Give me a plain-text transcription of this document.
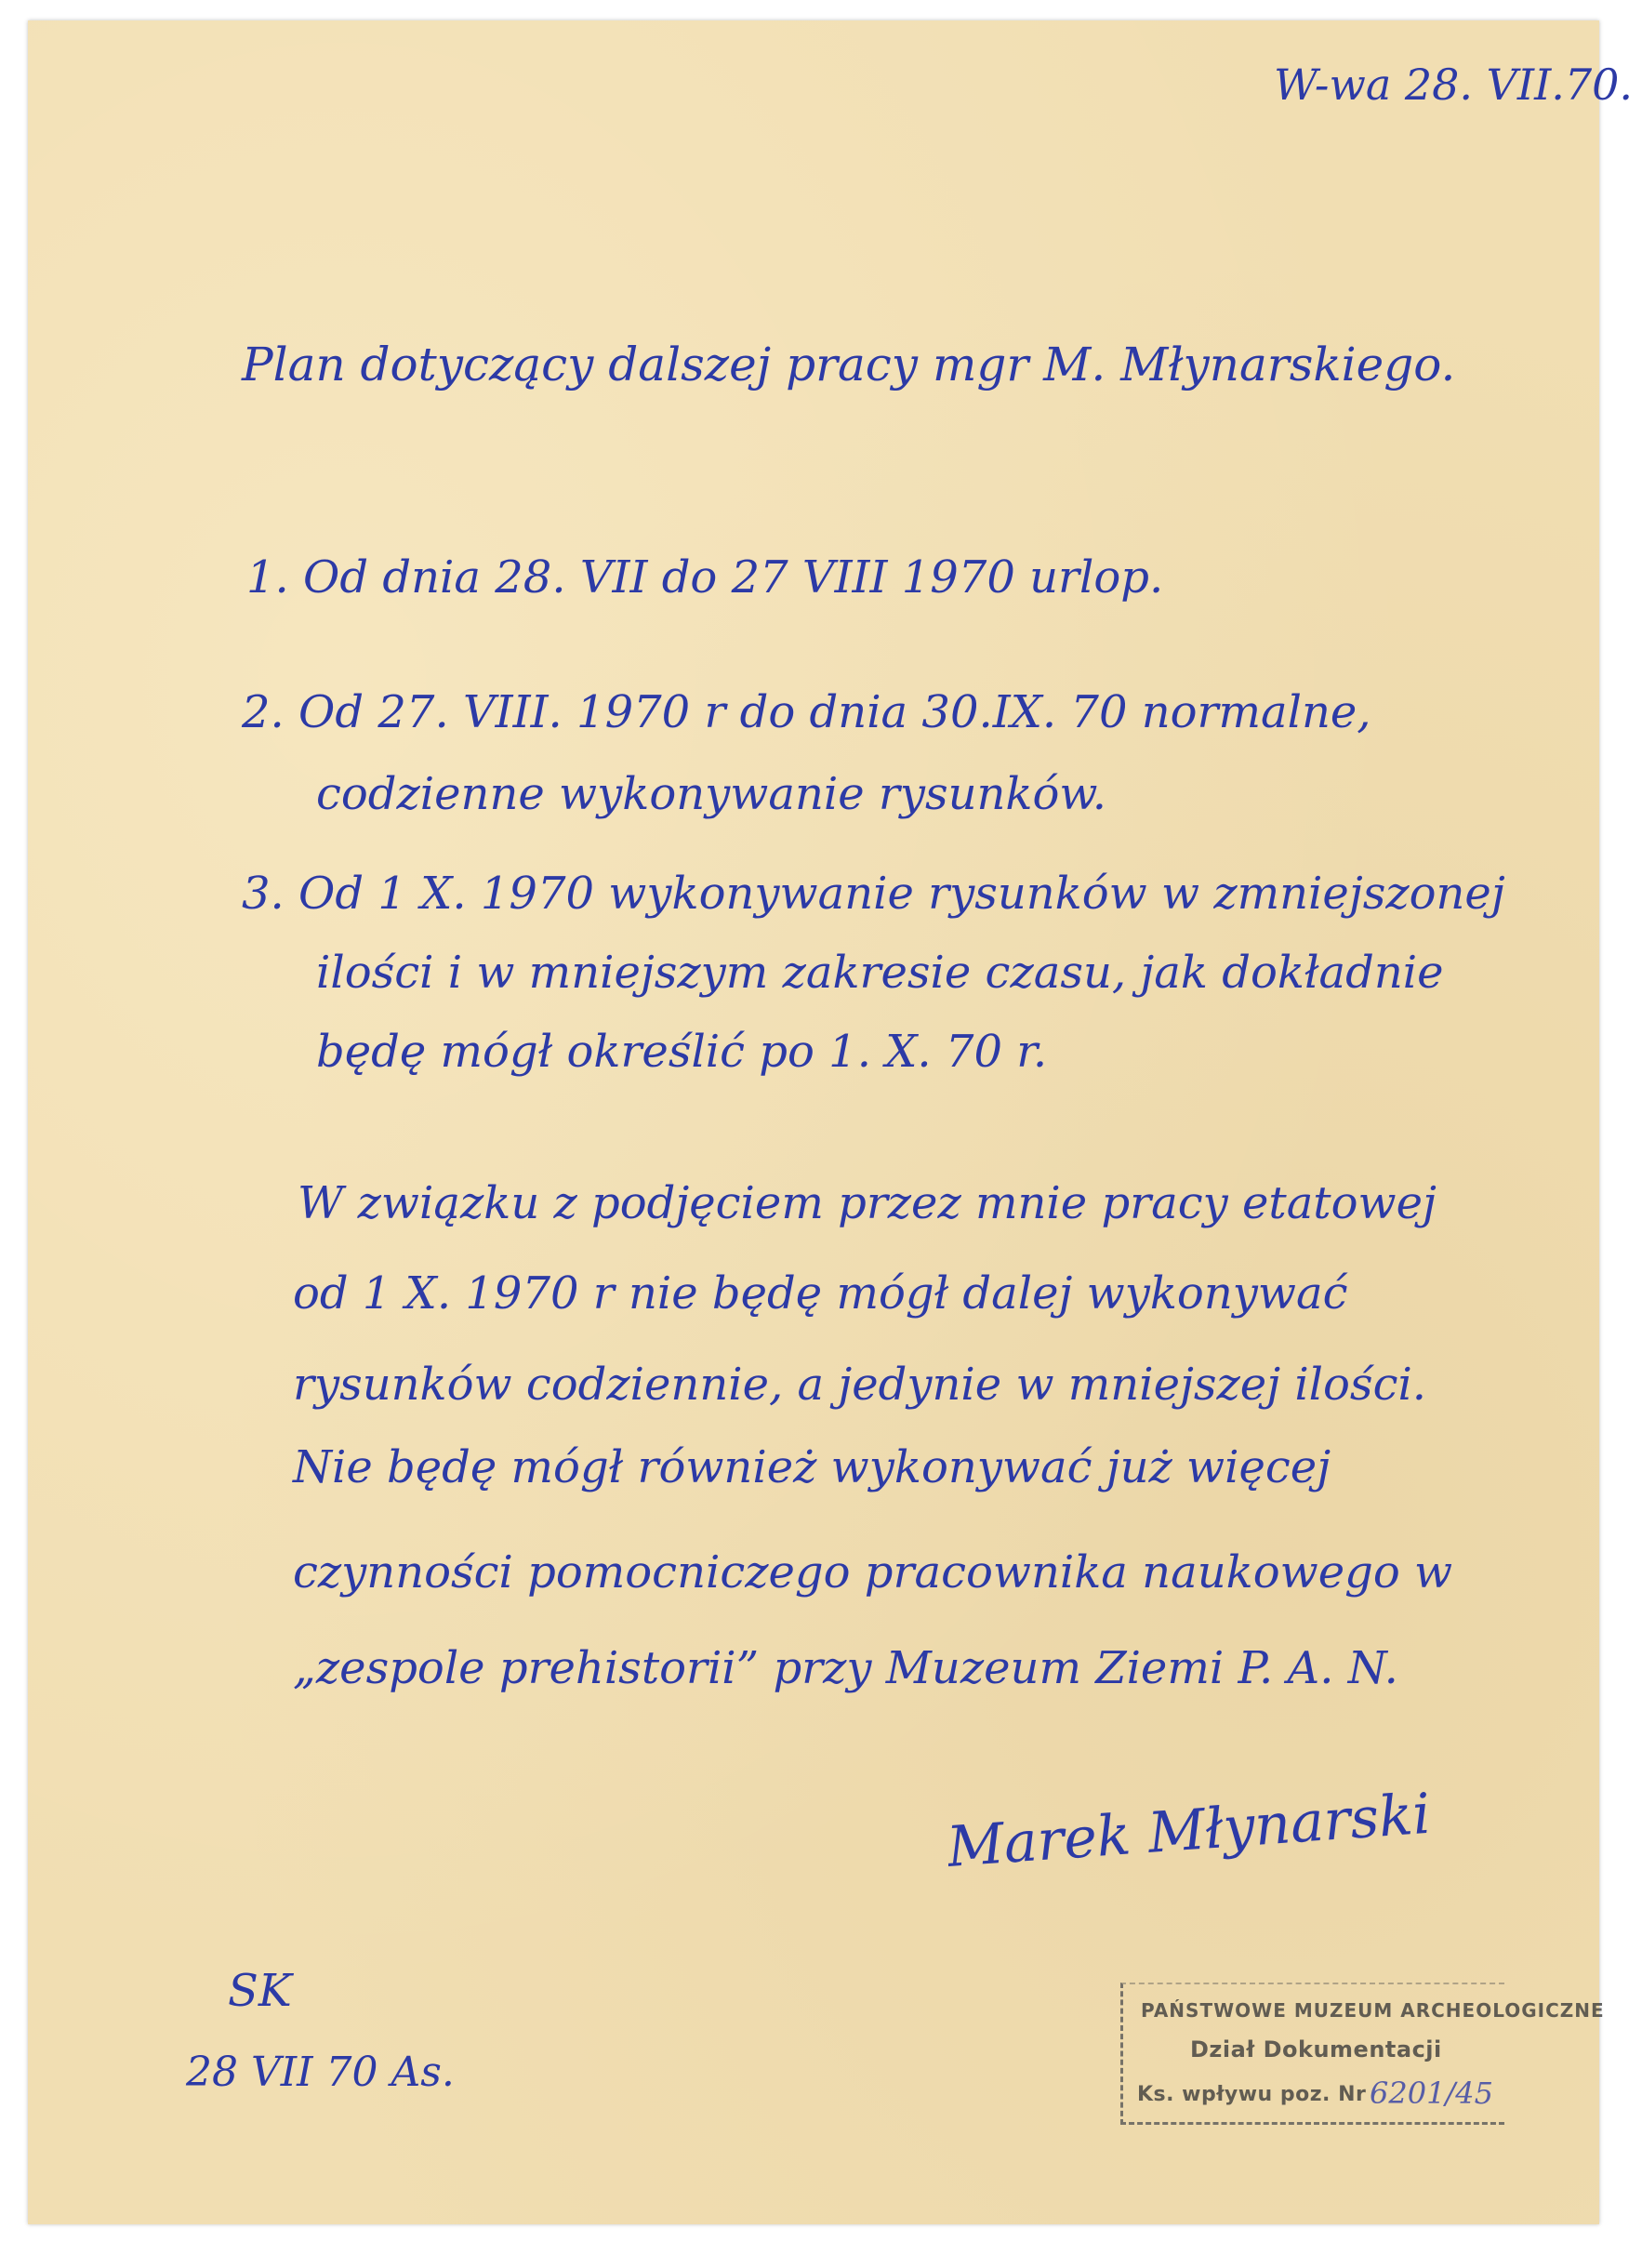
W-wa 28. VII.70.

Plan dotyczący dalszej pracy mgr M. Młynarskiego.

1. Od dnia 28. VII do 27 VIII 1970 urlop.

2. Od 27. VIII. 1970 r do dnia 30.IX. 70 normalne,

codzienne wykonywanie rysunków.

3. Od 1 X. 1970 wykonywanie rysunków w zmniejszonej

ilości i w mniejszym zakresie czasu, jak dokładnie

będę mógł określić po 1. X. 70 r.

W związku z podjęciem przez mnie pracy etatowej

od 1 X. 1970 r nie będę mógł dalej wykonywać

rysunków codziennie, a jedynie w mniejszej ilości.

Nie będę mógł również wykonywać już więcej

czynności pomocniczego pracownika naukowego w

„zespole prehistorii” przy Muzeum Ziemi P. A. N.

Marek Młynarski

SK

28 VII 70 As.

PAŃSTWOWE MUZEUM ARCHEOLOGICZNE
Dział Dokumentacji
Ks. wpływu poz. Nr 6201/45
